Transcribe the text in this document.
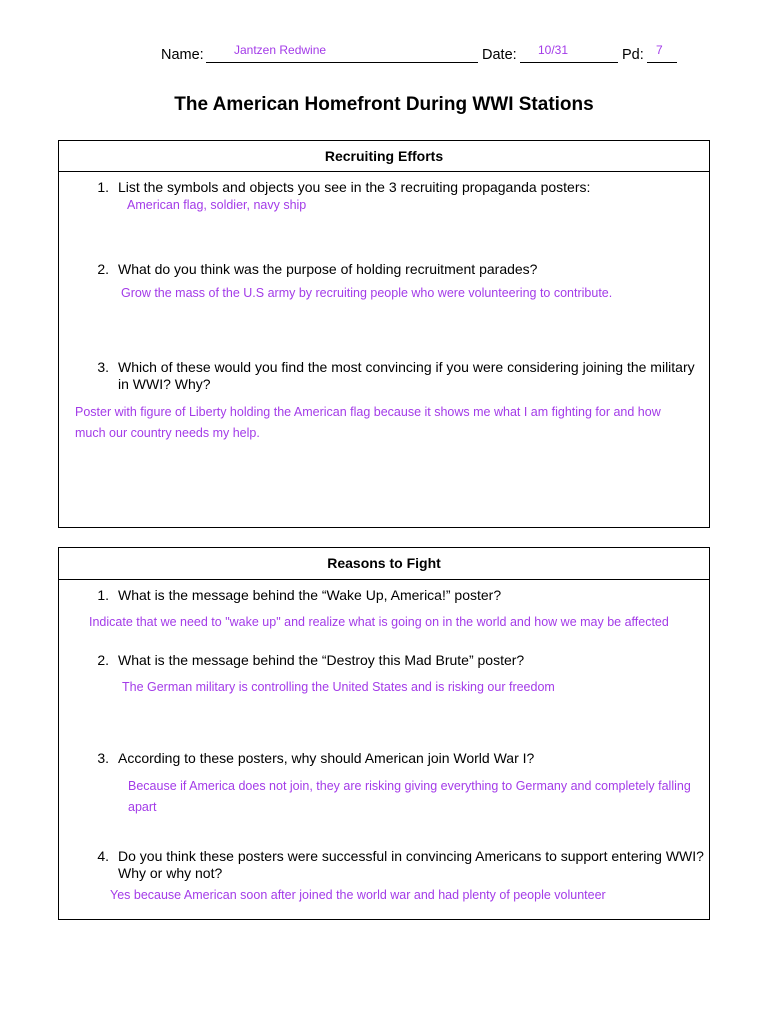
Name:	Jantzen Redwine	Date: 10/31	Pd: 7
The American Homefront During WWI Stations
Recruiting Efforts
1. List the symbols and objects you see in the 3 recruiting propaganda posters:
American flag, soldier, navy ship
2. What do you think was the purpose of holding recruitment parades?
Grow the mass of the U.S army by recruiting people who were volunteering to contribute.
3. Which of these would you find the most convincing if you were considering joining the military in WWI? Why?
Poster with figure of Liberty holding the American flag because it shows me what I am fighting for and how
much our country needs my help.
Reasons to Fight
1. What is the message behind the “Wake Up, America!” poster?
Indicate that we need to "wake up" and realize what is going on in the world and how we may be affected
2. What is the message behind the “Destroy this Mad Brute” poster?
The German military is controlling the United States and is risking our freedom
3. According to these posters, why should American join World War I?
Because if America does not join, they are risking giving everything to Germany and completely falling apart
4. Do you think these posters were successful in convincing Americans to support entering WWI? Why or why not?
Yes because American soon after joined the world war and had plenty of people volunteer
